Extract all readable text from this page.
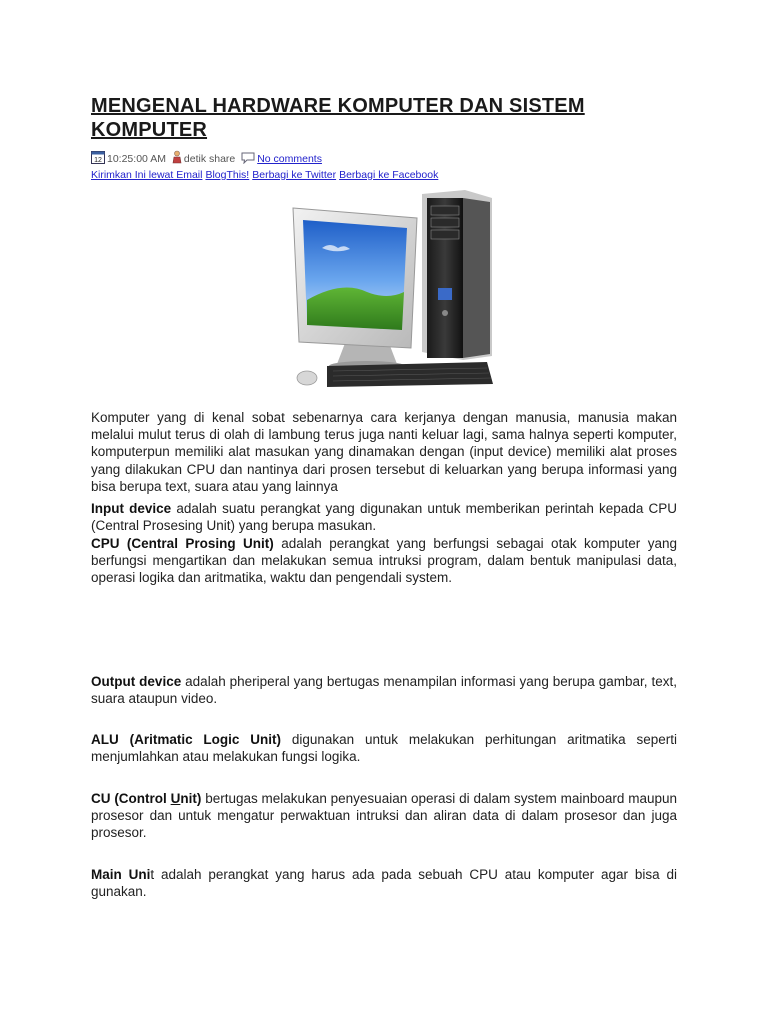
MENGENAL HARDWARE KOMPUTER DAN SISTEM KOMPUTER
12 10:25:00 AM detik share No comments
Kirimkan Ini lewat Email BlogThis! Berbagi ke Twitter Berbagi ke Facebook

Komputer yang di kenal sobat sebenarnya cara kerjanya dengan manusia, manusia makan melalui mulut terus di olah di lambung terus juga nanti keluar lagi, sama halnya seperti komputer, komputerpun memiliki alat masukan yang dinamakan dengan (input device) memiliki alat proses yang dilakukan CPU dan nantinya dari prosen tersebut di keluarkan yang berupa informasi yang bisa berupa text, suara atau yang lainnya

Input device adalah suatu perangkat yang digunakan untuk memberikan perintah kepada CPU (Central Prosesing Unit) yang berupa masukan.

CPU (Central Prosing Unit) adalah perangkat yang berfungsi sebagai otak komputer yang berfungsi mengartikan dan melakukan semua intruksi program, dalam bentuk manipulasi data, operasi logika dan aritmatika, waktu dan pengendali system.

Output device adalah pheriperal yang bertugas menampilan informasi yang berupa gambar, text, suara ataupun video.

ALU (Aritmatic Logic Unit) digunakan untuk melakukan perhitungan aritmatika seperti menjumlahkan atau melakukan fungsi logika.

CU (Control Unit) bertugas melakukan penyesuaian operasi di dalam system mainboard maupun prosesor dan untuk mengatur perwaktuan intruksi dan aliran data di dalam prosesor dan juga prosesor.

Main Unit adalah perangkat yang harus ada pada sebuah CPU atau komputer agar bisa di gunakan.
